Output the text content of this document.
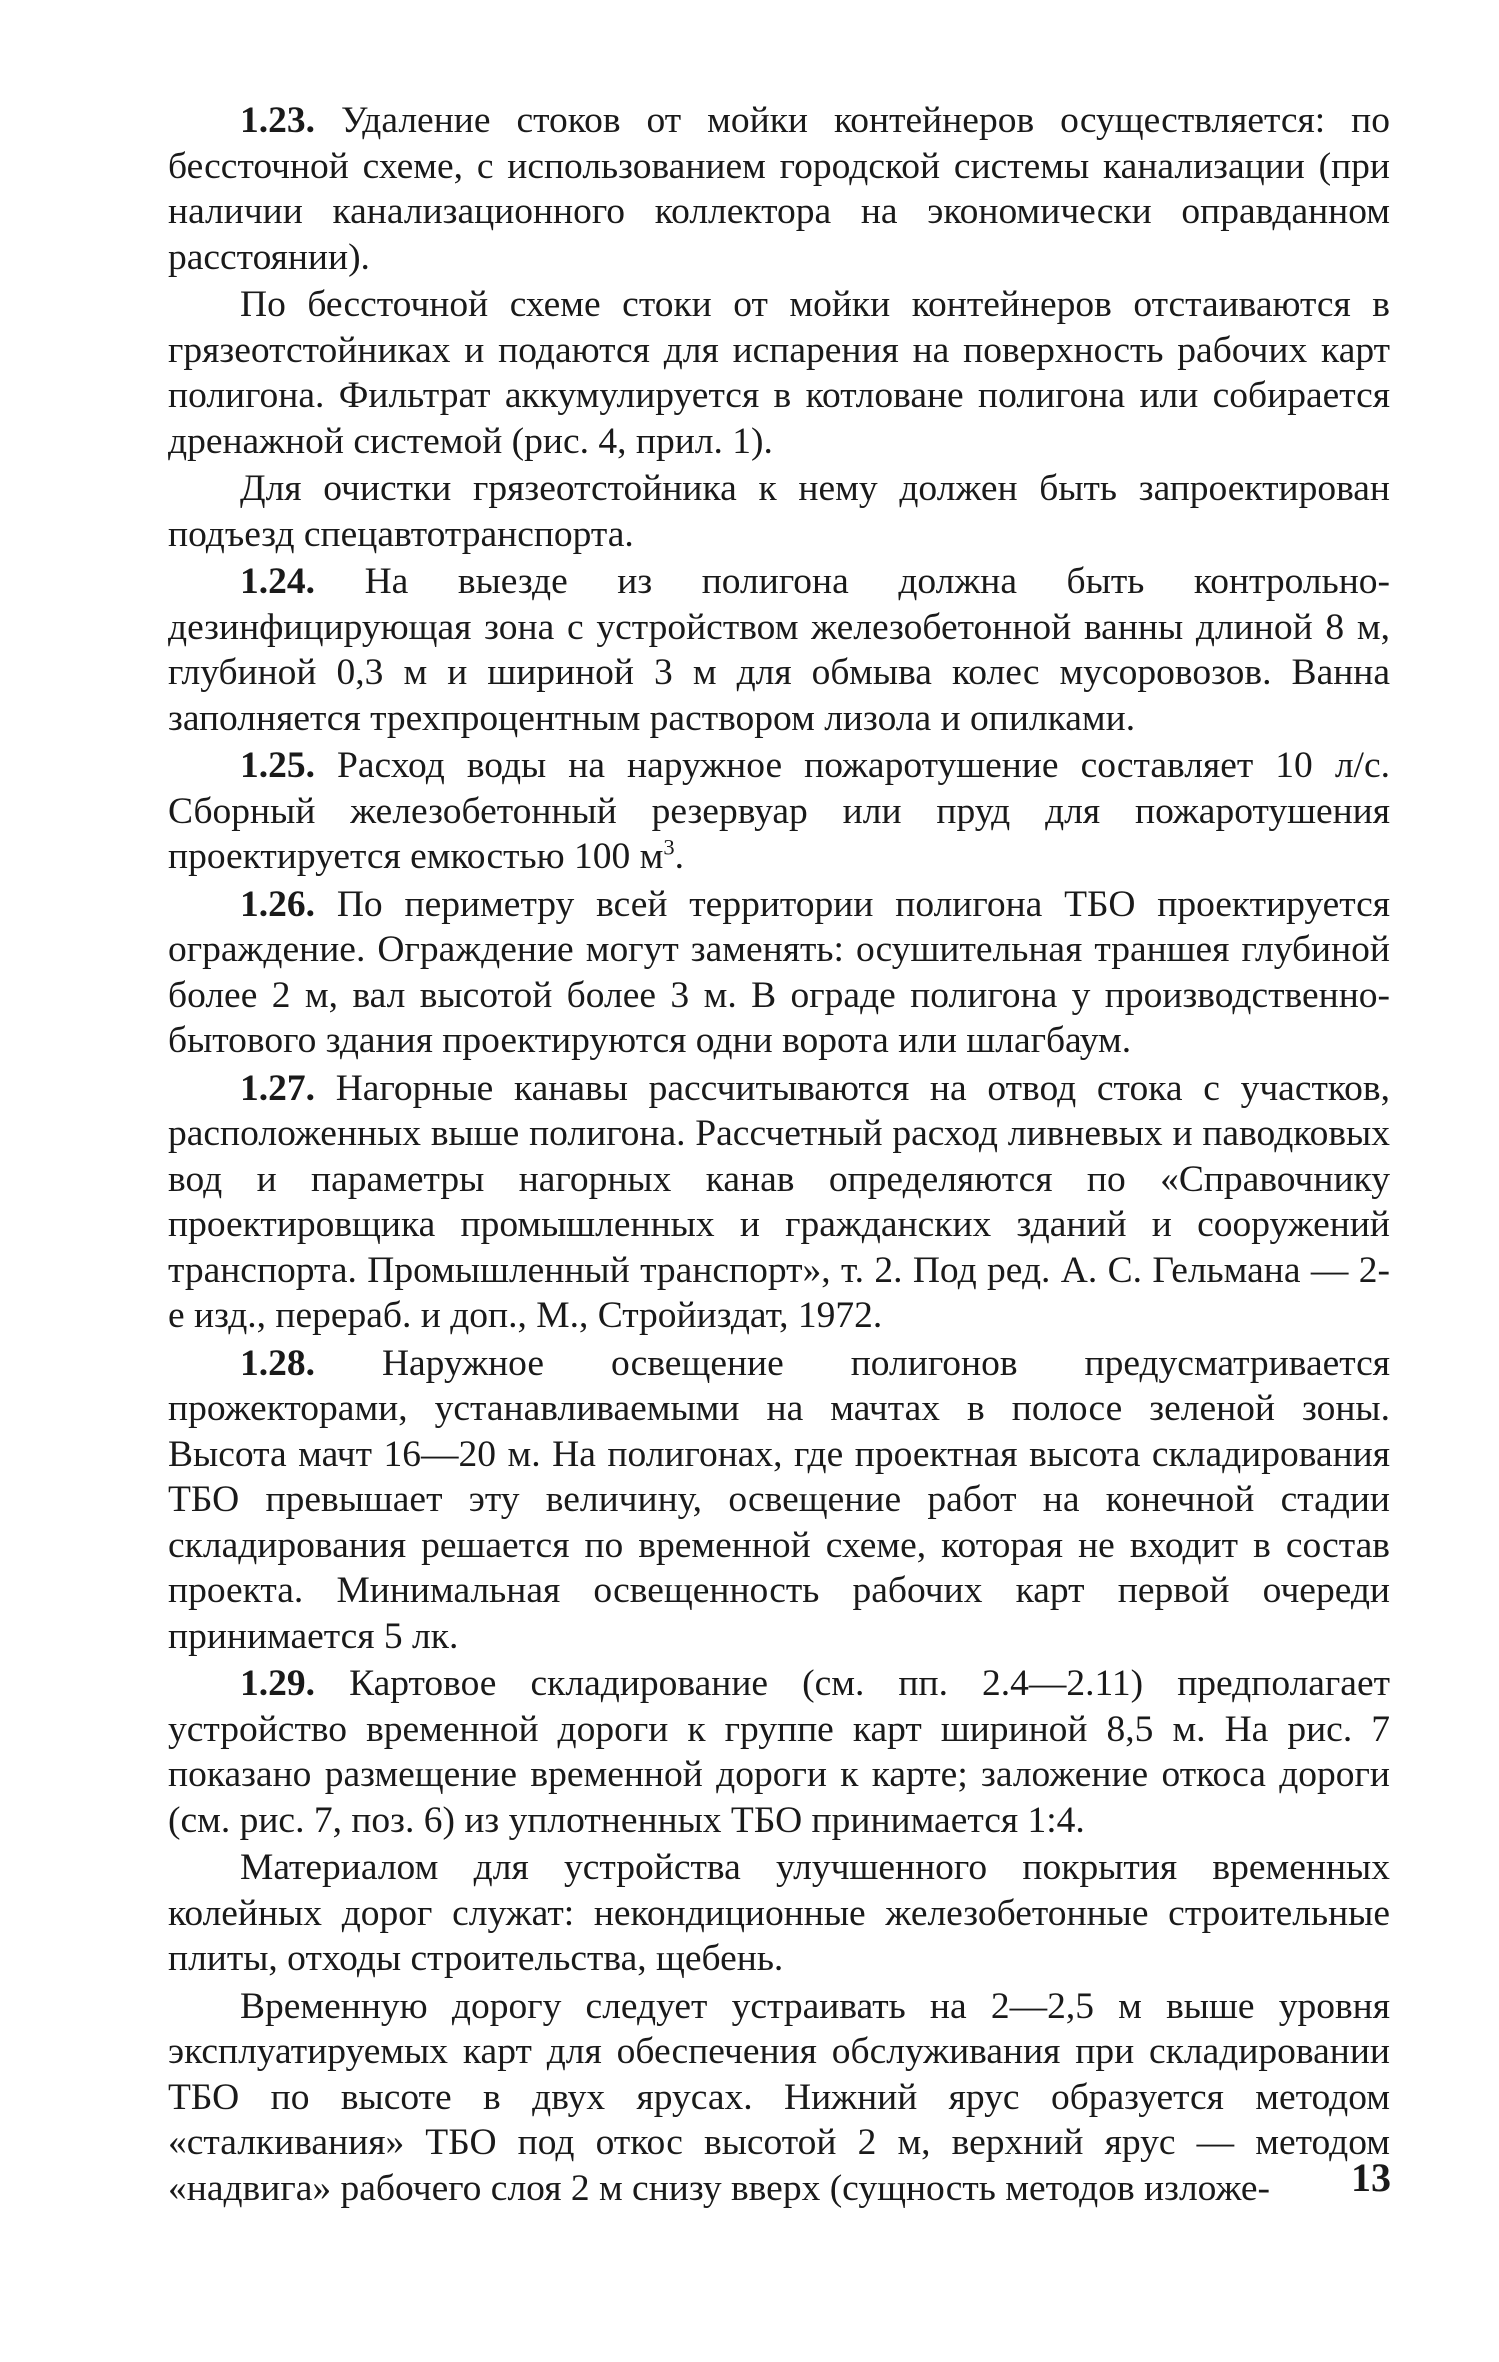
1.23. Удаление стоков от мойки контейнеров осуществляется: по бессточной схеме, с использованием городской системы канализации (при наличии канализационного коллектора на экономически оправданном расстоянии).

По бессточной схеме стоки от мойки контейнеров отстаиваются в грязеотстойниках и подаются для испарения на поверхность рабочих карт полигона. Фильтрат аккумулируется в котловане полигона или собирается дренажной системой (рис. 4, прил. 1).

Для очистки грязеотстойника к нему должен быть запроектирован подъезд спецавтотранспорта.

1.24. На выезде из полигона должна быть контрольно-дезинфицирующая зона с устройством железобетонной ванны длиной 8 м, глубиной 0,3 м и шириной 3 м для обмыва колес мусоровозов. Ванна заполняется трехпроцентным раствором лизола и опилками.

1.25. Расход воды на наружное пожаротушение составляет 10 л/с. Сборный железобетонный резервуар или пруд для пожаротушения проектируется емкостью 100 $м^3$.

1.26. По периметру всей территории полигона ТБО проектируется ограждение. Ограждение могут заменять: осушительная траншея глубиной более 2 м, вал высотой более 3 м. В ограде полигона у производственно-бытового здания проектируются одни ворота или шлагбаум.

1.27. Нагорные канавы рассчитываются на отвод стока с участков, расположенных выше полигона. Рассчетный расход ливневых и паводковых вод и параметры нагорных канав определяются по «Справочнику проектировщика промышленных и гражданских зданий и сооружений транспорта. Промышленный транспорт», т. 2. Под ред. А. С. Гельмана — 2-е изд., перераб. и доп., М., Стройиздат, 1972.

1.28. Наружное освещение полигонов предусматривается прожекторами, устанавливаемыми на мачтах в полосе зеленой зоны. Высота мачт 16—20 м. На полигонах, где проектная высота складирования ТБО превышает эту величину, освещение работ на конечной стадии складирования решается по временной схеме, которая не входит в состав проекта. Минимальная освещенность рабочих карт первой очереди принимается 5 лк.

1.29. Картовое складирование (см. пп. 2.4—2.11) предполагает устройство временной дороги к группе карт шириной 8,5 м. На рис. 7 показано размещение временной дороги к карте; заложение откоса дороги (см. рис. 7, поз. 6) из уплотненных ТБО принимается 1:4.

Материалом для устройства улучшенного покрытия временных колейных дорог служат: некондиционные железобетонные строительные плиты, отходы строительства, щебень.

Временную дорогу следует устраивать на 2—2,5 м выше уровня эксплуатируемых карт для обеспечения обслуживания при складировании ТБО по высоте в двух ярусах. Нижний ярус образуется методом «сталкивания» ТБО под откос высотой 2 м, верхний ярус — методом «надвига» рабочего слоя 2 м снизу вверх (сущность методов изложе-	13
